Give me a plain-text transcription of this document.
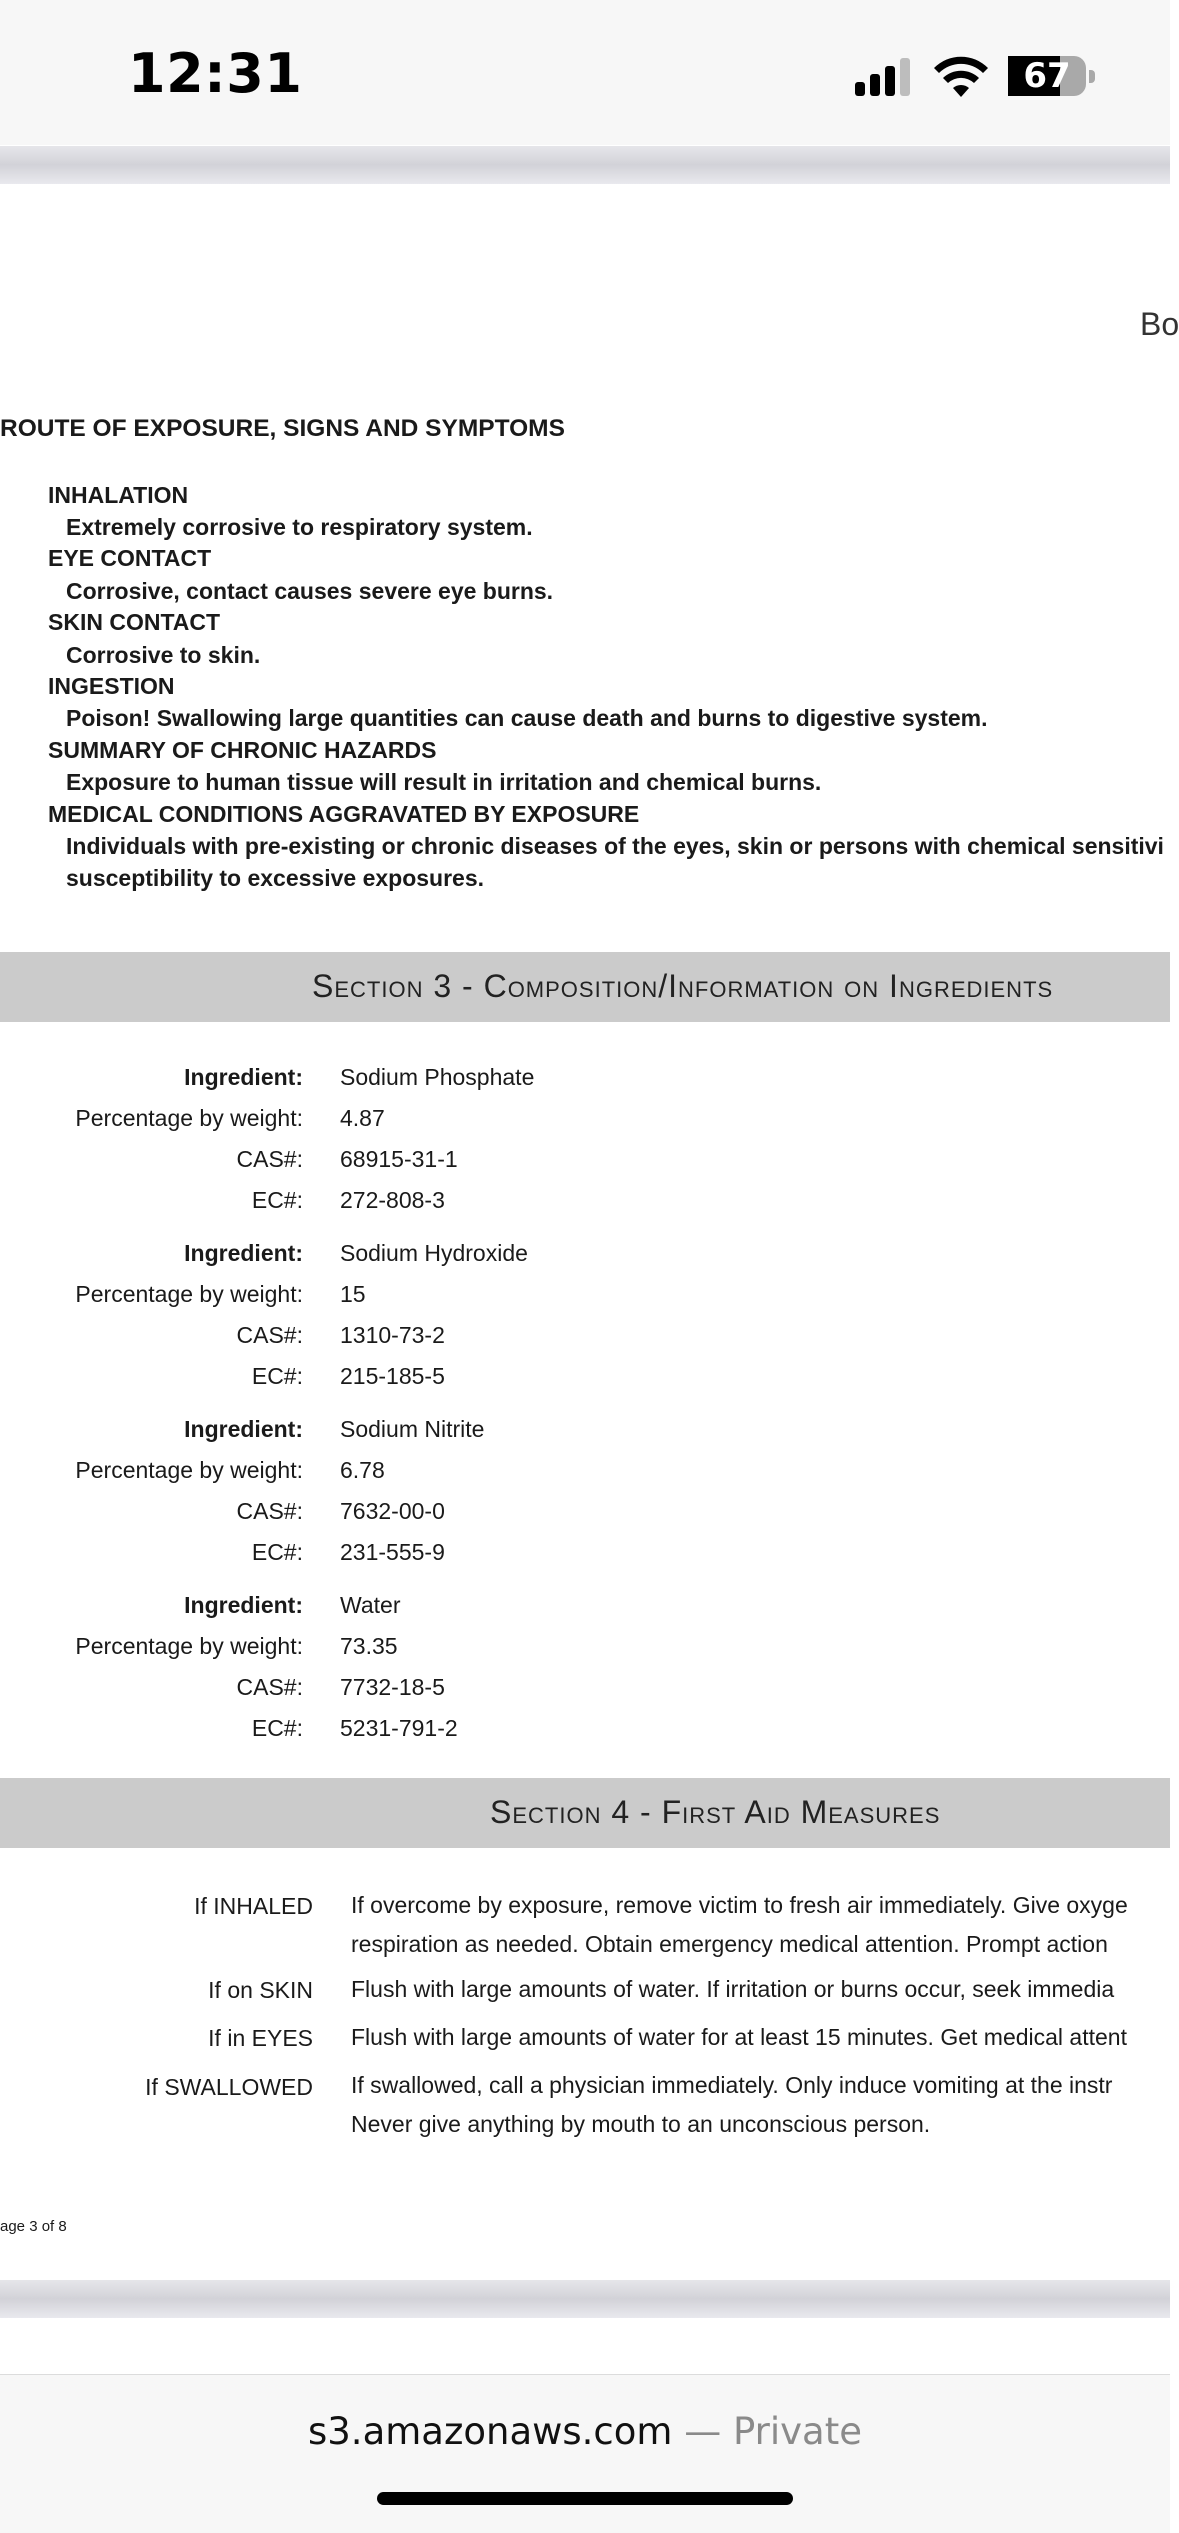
12:31	67
Bo
ROUTE OF EXPOSURE, SIGNS AND SYMPTOMS
INHALATION
Extremely corrosive to respiratory system.
EYE CONTACT
Corrosive, contact causes severe eye burns.
SKIN CONTACT
Corrosive to skin.
INGESTION
Poison! Swallowing large quantities can cause death and burns to digestive system.
SUMMARY OF CHRONIC HAZARDS
Exposure to human tissue will result in irritation and chemical burns.
MEDICAL CONDITIONS AGGRAVATED BY EXPOSURE
Individuals with pre-existing or chronic diseases of the eyes, skin or persons with chemical sensitivi
susceptibility to excessive exposures.
Section 3 - Composition/Information on Ingredients
Ingredient: Sodium Phosphate
Percentage by weight: 4.87
CAS#: 68915-31-1
EC#: 272-808-3
Ingredient: Sodium Hydroxide
Percentage by weight: 15
CAS#: 1310-73-2
EC#: 215-185-5
Ingredient: Sodium Nitrite
Percentage by weight: 6.78
CAS#: 7632-00-0
EC#: 231-555-9
Ingredient: Water
Percentage by weight: 73.35
CAS#: 7732-18-5
EC#: 5231-791-2
Section 4 - First Aid Measures
If INHALED If overcome by exposure, remove victim to fresh air immediately. Give oxyge
respiration as needed. Obtain emergency medical attention. Prompt action
If on SKIN Flush with large amounts of water. If irritation or burns occur, seek immedia
If in EYES Flush with large amounts of water for at least 15 minutes. Get medical attent
If SWALLOWED If swallowed, call a physician immediately. Only induce vomiting at the instr
Never give anything by mouth to an unconscious person.
age 3 of 8
s3.amazonaws.com — Private
